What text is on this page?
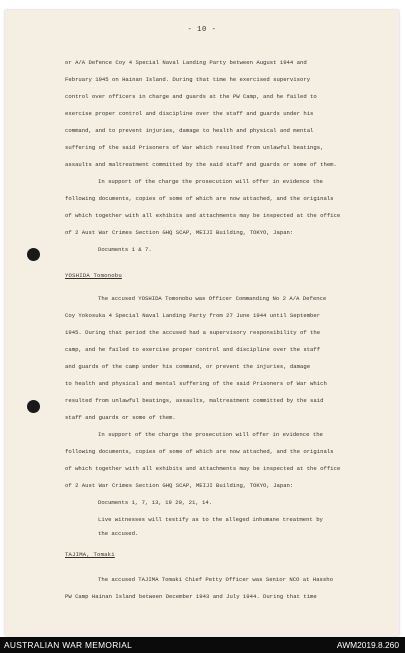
- 10 -
or A/A Defence Coy 4 Special Naval Landing Party between August 1944 and
February 1945 on Hainan Island. During that time he exercised supervisory
control over officers in charge and guards at the PW Camp, and he failed to
exercise proper control and discipline over the staff and guards under his
command, and to prevent injuries, damage to health and physical and mental
suffering of the said Prisoners of War which resulted from unlawful beatings,
assaults and maltreatment committed by the said staff and guards or some of them.
In support of the charge the prosecution will offer in evidence the
following documents, copies of some of which are now attached, and the originals
of which together with all exhibits and attachments may be inspected at the office
of 2 Aust War Crimes Section GHQ SCAP, MEIJI Building, TOKYO, Japan:
Documents 1 & 7.
YOSHIDA Tomonobu
The accused YOSHIDA Tomonobu was Officer Commanding No 2 A/A Defence
Coy Yokosuka 4 Special Naval Landing Party from 27 June 1944 until September
1945. During that period the accused had a supervisory responsibility of the
camp, and he failed to exercise proper control and discipline over the staff
and guards of the camp under his command, or prevent the injuries, damage
to health and physical and mental suffering of the said Prisoners of War which
resulted from unlawful beatings, assaults, maltreatment committed by the said
staff and guards or some of them.
In support of the charge the prosecution will offer in evidence the
following documents, copies of some of which are now attached, and the originals
of which together with all exhibits and attachments may be inspected at the office
of 2 Aust War Crimes Section GHQ SCAP, MEIJI Building, TOKYO, Japan:
Documents 1, 7, 13, 19 20, 21, 14.
Live witnesses will testify as to the alleged inhumane treatment by
the accused.
TAJIMA, Tomaki
The accused TAJIMA Tomaki Chief Petty Officer was Senior NCO at Hassho
PW Camp Hainan Island between December 1943 and July 1944. During that time
AUSTRALIAN WAR MEMORIAL	AWM2019.8.260
